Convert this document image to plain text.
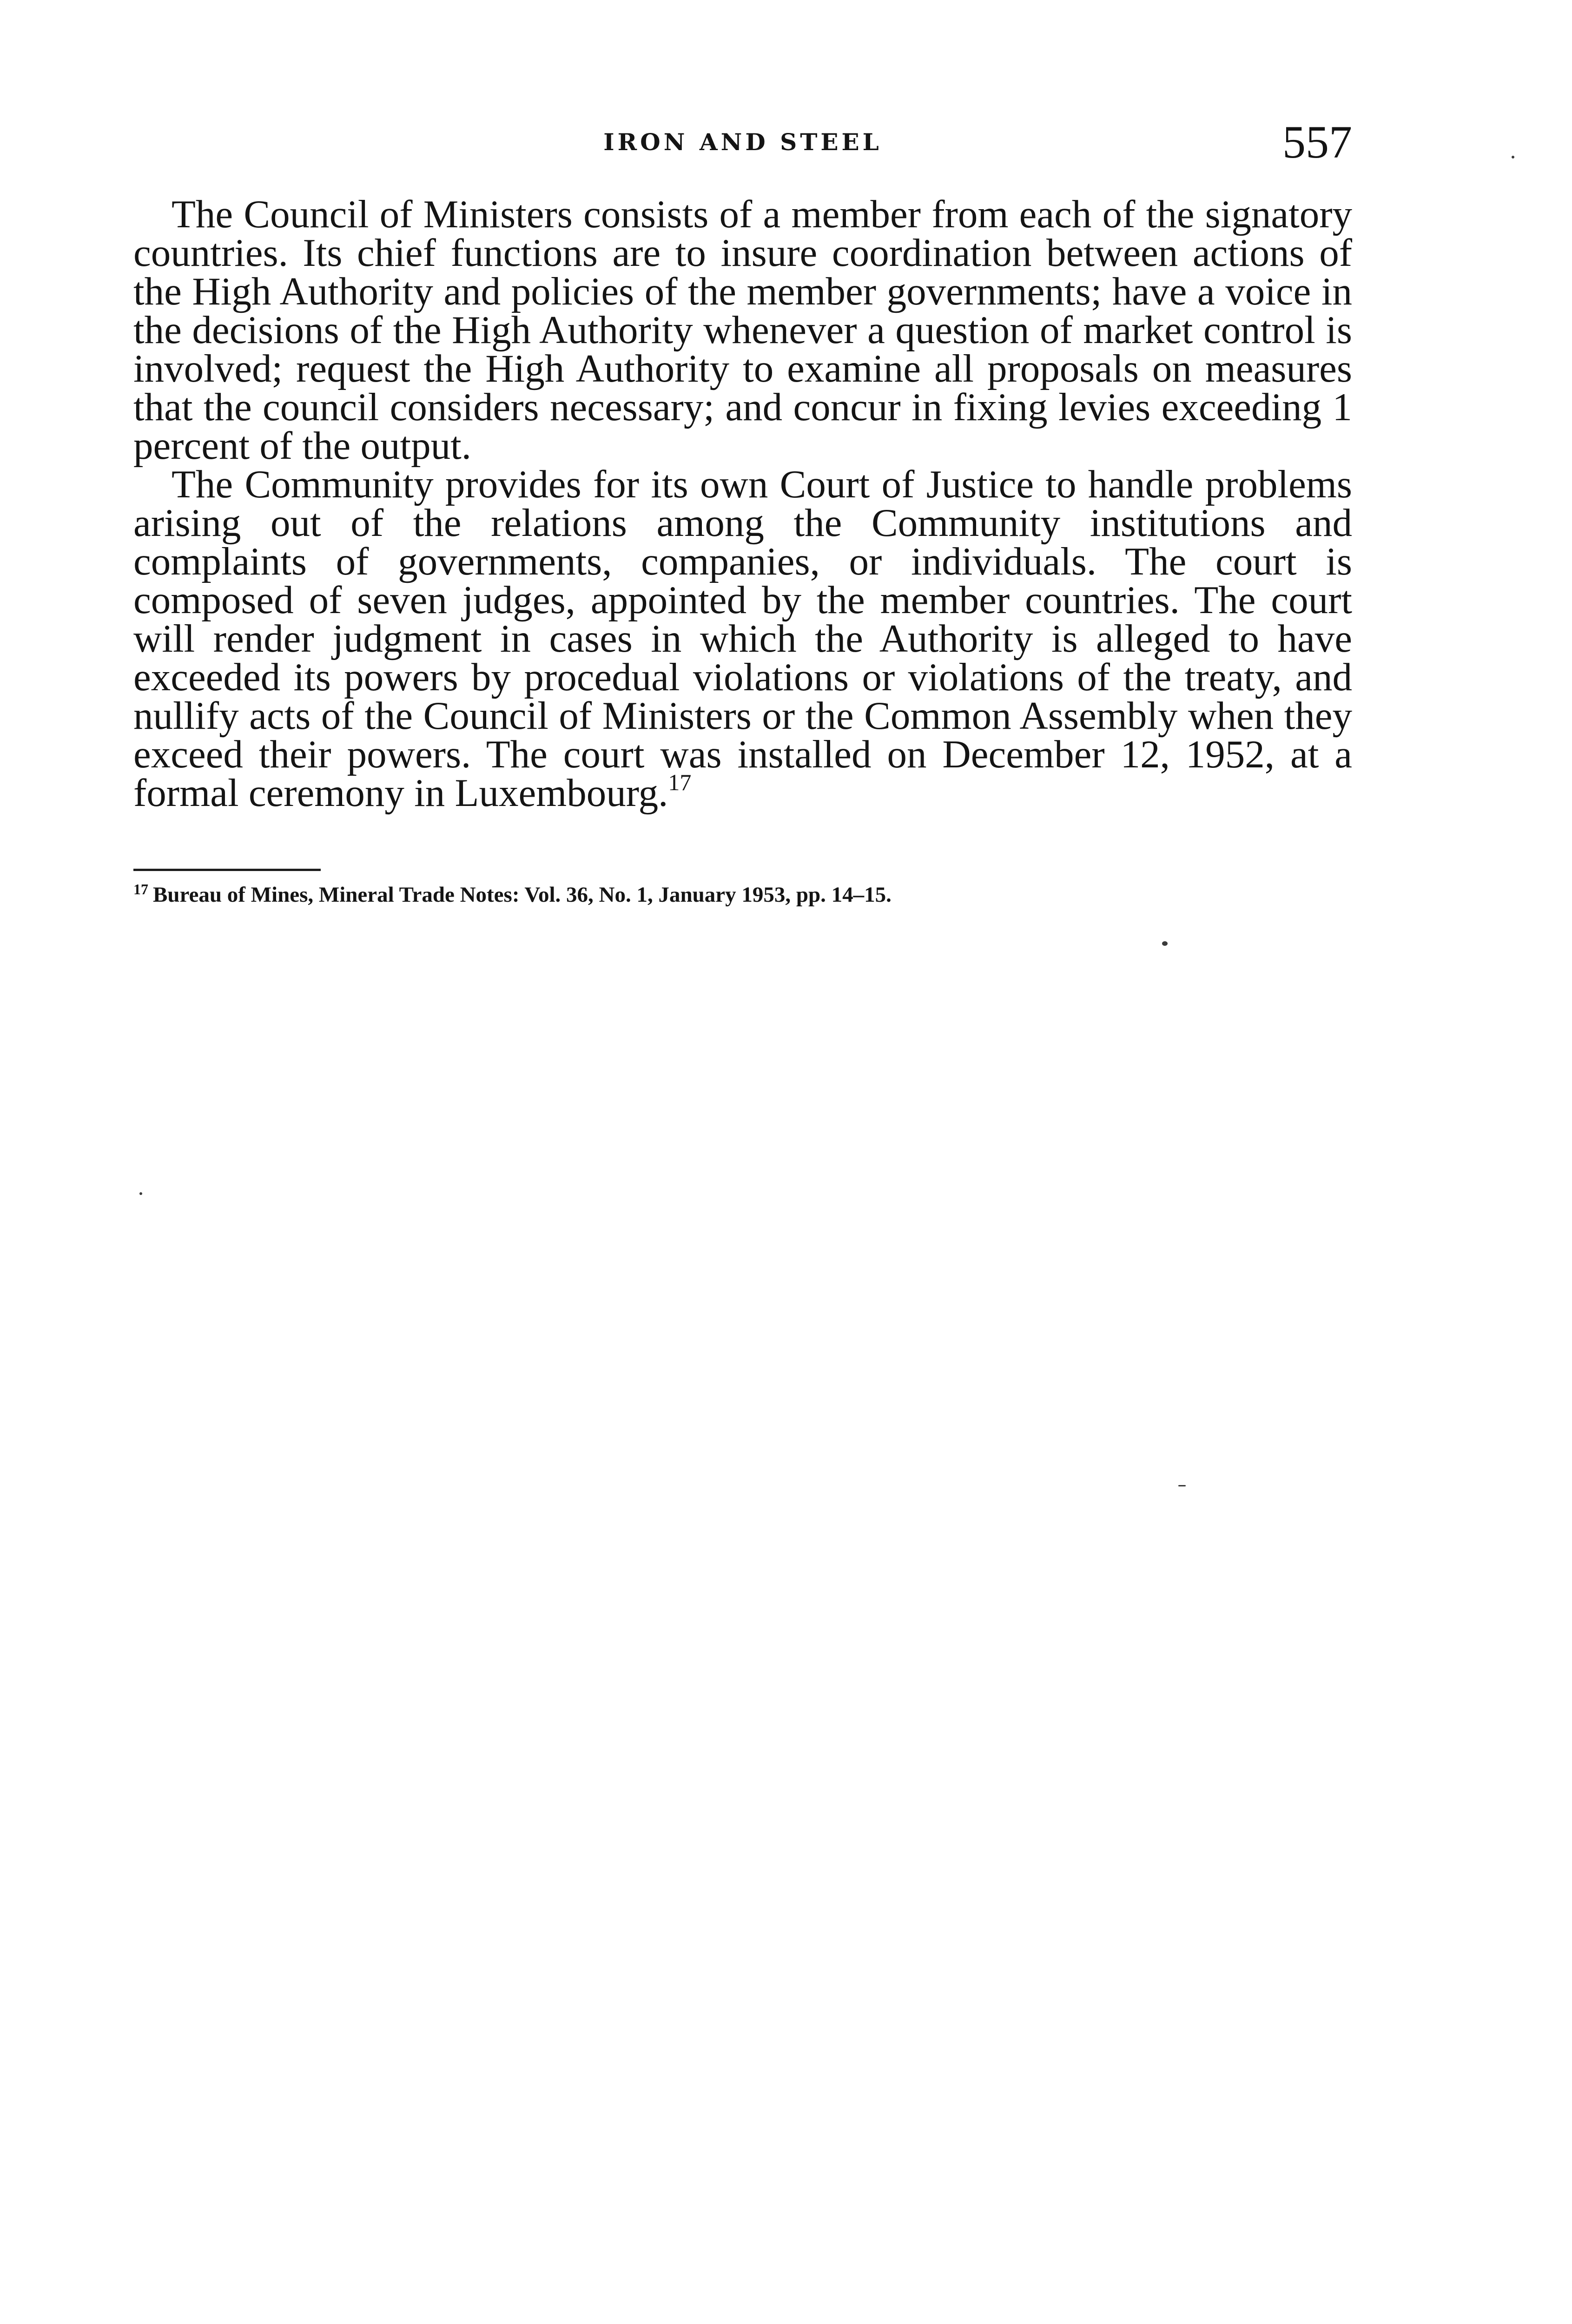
IRON AND STEEL	557

The Council of Ministers consists of a member from each of the signatory countries. Its chief functions are to insure coordination between actions of the High Authority and policies of the member governments; have a voice in the decisions of the High Authority whenever a question of market control is involved; request the High Authority to examine all proposals on measures that the council considers necessary; and concur in fixing levies exceeding 1 percent of the output.

The Community provides for its own Court of Justice to handle problems arising out of the relations among the Community institutions and complaints of governments, companies, or individuals. The court is composed of seven judges, appointed by the member countries. The court will render judgment in cases in which the Authority is alleged to have exceeded its powers by procedual violations or violations of the treaty, and nullify acts of the Council of Ministers or the Common Assembly when they exceed their powers. The court was installed on December 12, 1952, at a formal ceremony in Luxembourg.$^{17}$

$^{17}$ Bureau of Mines, Mineral Trade Notes: Vol. 36, No. 1, January 1953, pp. 14–15.
